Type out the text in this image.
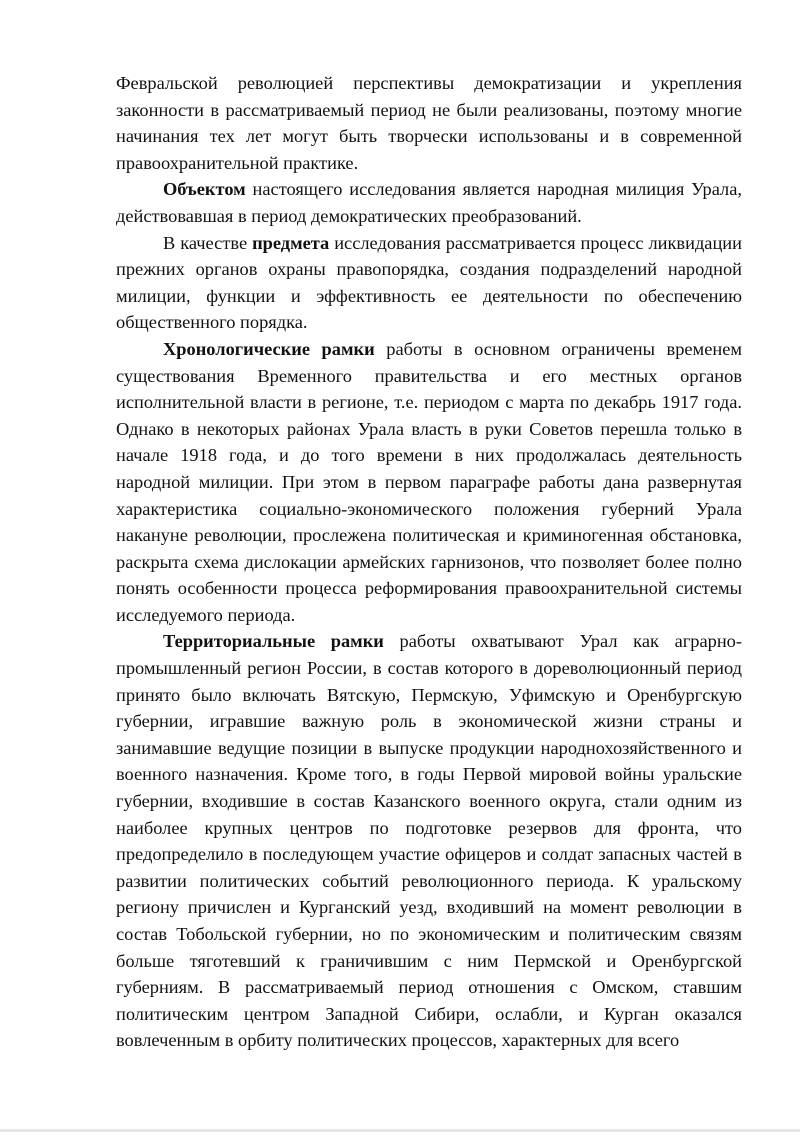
Февральской революцией перспективы демократизации и укрепления законности в рассматриваемый период не были реализованы, поэтому многие начинания тех лет могут быть творчески использованы и в современной правоохранительной практике.

Объектом настоящего исследования является народная милиция Урала, действовавшая в период демократических преобразований.

В качестве предмета исследования рассматривается процесс ликвидации прежних органов охраны правопорядка, создания подразделений народной милиции, функции и эффективность ее деятельности по обеспечению общественного порядка.

Хронологические рамки работы в основном ограничены временем существования Временного правительства и его местных органов исполнительной власти в регионе, т.е. периодом с марта по декабрь 1917 года. Однако в некоторых районах Урала власть в руки Советов перешла только в начале 1918 года, и до того времени в них продолжалась деятельность народной милиции. При этом в первом параграфе работы дана развернутая характеристика социально-экономического положения губерний Урала накануне революции, прослежена политическая и криминогенная обстановка, раскрыта схема дислокации армейских гарнизонов, что позволяет более полно понять особенности процесса реформирования правоохранительной системы исследуемого периода.

Территориальные рамки работы охватывают Урал как аграрно-промышленный регион России, в состав которого в дореволюционный период принято было включать Вятскую, Пермскую, Уфимскую и Оренбургскую губернии, игравшие важную роль в экономической жизни страны и занимавшие ведущие позиции в выпуске продукции народнохозяйственного и военного назначения. Кроме того, в годы Первой мировой войны уральские губернии, входившие в состав Казанского военного округа, стали одним из наиболее крупных центров по подготовке резервов для фронта, что предопределило в последующем участие офицеров и солдат запасных частей в развитии политических событий революционного периода. К уральскому региону причислен и Курганский уезд, входивший на момент революции в состав Тобольской губернии, но по экономическим и политическим связям больше тяготевший к граничившим с ним Пермской и Оренбургской губерниям. В рассматриваемый период отношения с Омском, ставшим политическим центром Западной Сибири, ослабли, и Курган оказался вовлеченным в орбиту политических процессов, характерных для всего
